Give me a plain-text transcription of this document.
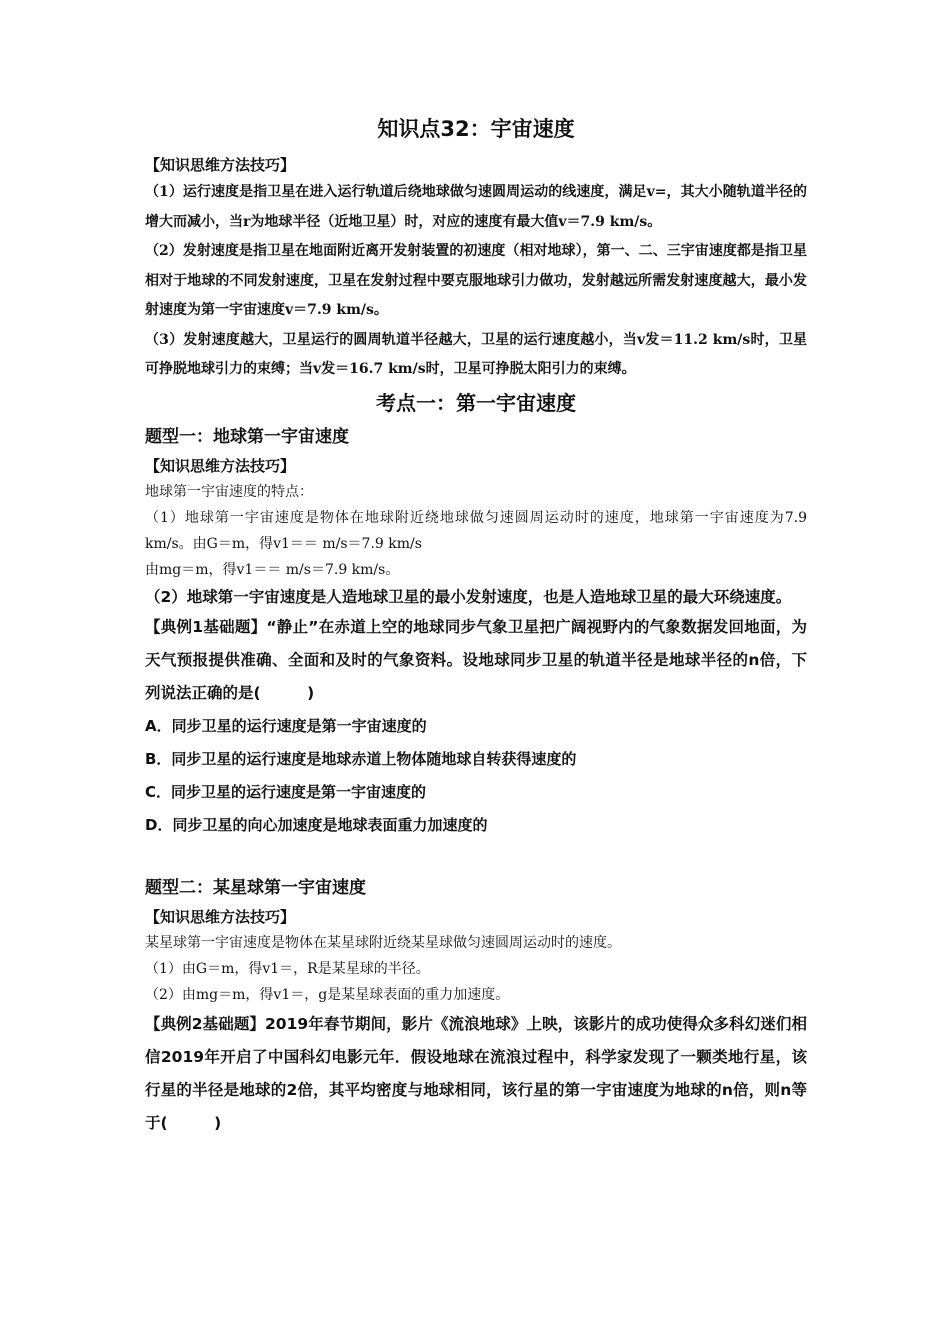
知识点32：宇宙速度
【知识思维方法技巧】

（1）运行速度是指卫星在进入运行轨道后绕地球做匀速圆周运动的线速度，满足v=，其大小随轨道半径的增大而减小，当r为地球半径（近地卫星）时，对应的速度有最大值v＝7.9 km/s。

（2）发射速度是指卫星在地面附近离开发射装置的初速度（相对地球），第一、二、三宇宙速度都是指卫星相对于地球的不同发射速度，卫星在发射过程中要克服地球引力做功，发射越远所需发射速度越大，最小发射速度为第一宇宙速度v＝7.9 km/s。

（3）发射速度越大，卫星运行的圆周轨道半径越大，卫星的运行速度越小，当v发＝11.2 km/s时，卫星可挣脱地球引力的束缚；当v发＝16.7 km/s时，卫星可挣脱太阳引力的束缚。

考点一：第一宇宙速度
题型一：地球第一宇宙速度
【知识思维方法技巧】

地球第一宇宙速度的特点：

（1）地球第一宇宙速度是物体在地球附近绕地球做匀速圆周运动时的速度，地球第一宇宙速度为7.9 km/s。由G＝m，得v1＝＝ m/s＝7.9 km/s

由mg＝m，得v1＝＝ m/s＝7.9 km/s。

（2）地球第一宇宙速度是人造地球卫星的最小发射速度，也是人造地球卫星的最大环绕速度。

【典例1基础题】“静止”在赤道上空的地球同步气象卫星把广阔视野内的气象数据发回地面，为天气预报提供准确、全面和及时的气象资料。设地球同步卫星的轨道半径是地球半径的n倍，下列说法正确的是(　　　)

A．同步卫星的运行速度是第一宇宙速度的
B．同步卫星的运行速度是地球赤道上物体随地球自转获得速度的
C．同步卫星的运行速度是第一宇宙速度的
D．同步卫星的向心加速度是地球表面重力加速度的
题型二：某星球第一宇宙速度
【知识思维方法技巧】

某星球第一宇宙速度是物体在某星球附近绕某星球做匀速圆周运动时的速度。

（1）由G＝m，得v1＝，R是某星球的半径。

（2）由mg＝m，得v1＝，g是某星球表面的重力加速度。

【典例2基础题】2019年春节期间，影片《流浪地球》上映，该影片的成功使得众多科幻迷们相信2019年开启了中国科幻电影元年．假设地球在流浪过程中，科学家发现了一颗类地行星，该行星的半径是地球的2倍，其平均密度与地球相同，该行星的第一宇宙速度为地球的n倍，则n等于(　　　)
